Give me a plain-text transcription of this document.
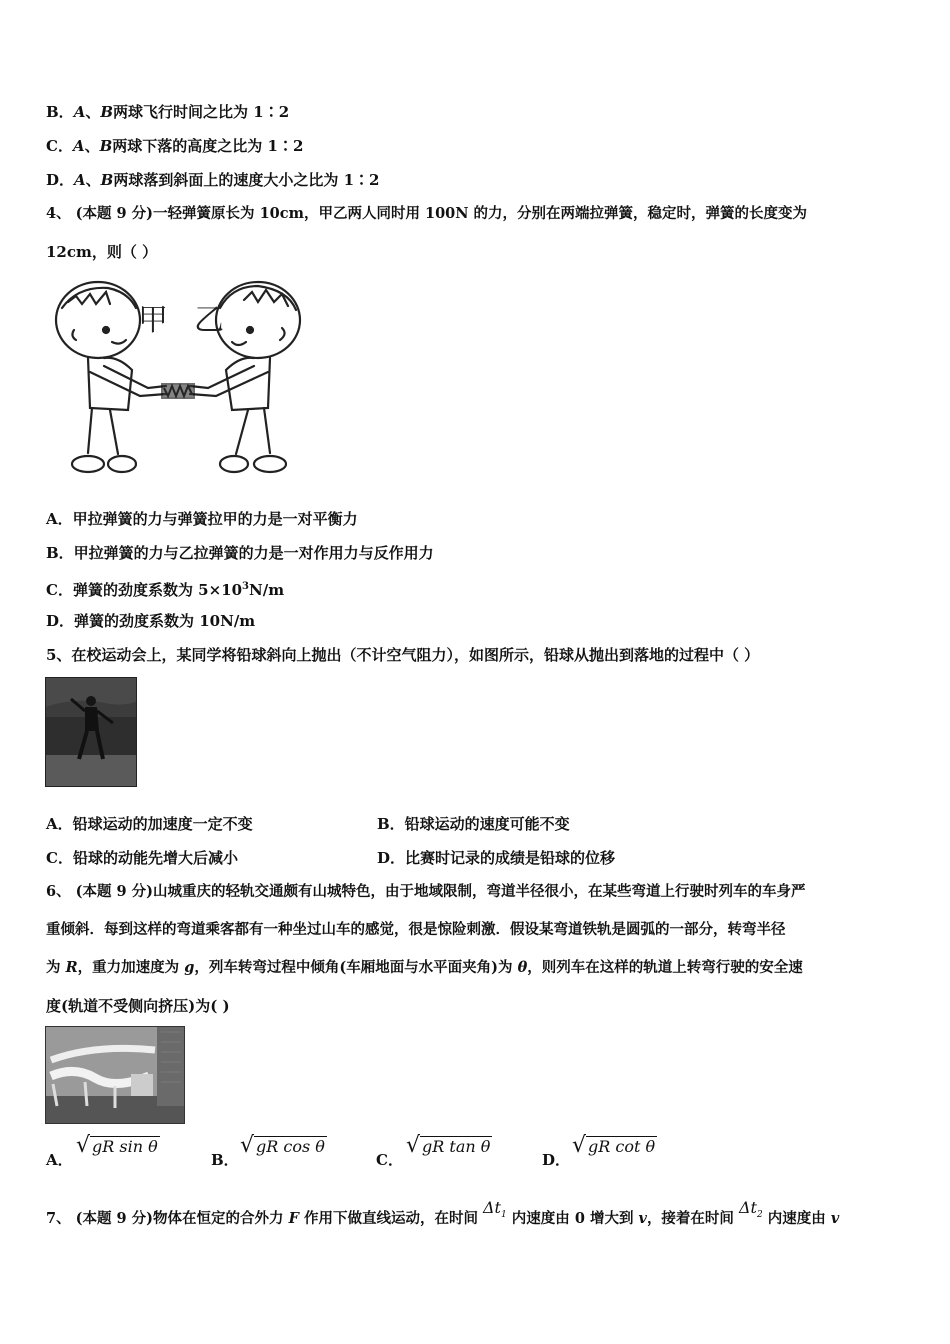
B．A、B两球飞行时间之比为 1∶2
C．A、B两球下落的高度之比为 1∶2
D．A、B两球落到斜面上的速度大小之比为 1∶2
4、 (本题 9 分)一轻弹簧原长为 10cm，甲乙两人同时用 100N 的力，分别在两端拉弹簧，稳定时，弹簧的长度变为
12cm，则（ ）
甲 乙
A．甲拉弹簧的力与弹簧拉甲的力是一对平衡力
B．甲拉弹簧的力与乙拉弹簧的力是一对作用力与反作用力
C．弹簧的劲度系数为 $5\times 10^3N/m$
D．弹簧的劲度系数为 10N/m
5、在校运动会上，某同学将铅球斜向上抛出（不计空气阻力），如图所示，铅球从抛出到落地的过程中（ ）
A．铅球运动的加速度一定不变	B．铅球运动的速度可能不变
C．铅球的动能先增大后减小	D．比赛时记录的成绩是铅球的位移
6、 (本题 9 分)山城重庆的轻轨交通颇有山城特色，由于地域限制，弯道半径很小，在某些弯道上行驶时列车的车身严
重倾斜．每到这样的弯道乘客都有一种坐过山车的感觉，很是惊险刺激．假设某弯道铁轨是圆弧的一部分，转弯半径
为 R，重力加速度为 g，列车转弯过程中倾角(车厢地面与水平面夹角)为 θ，则列车在这样的轨道上转弯行驶的安全速
度(轨道不受侧向挤压)为( )
A．
√ gR sin θ
B．
√ gR cos θ
C．
√ gR tan θ
D．
√ gR cot θ
7、 (本题 9 分)物体在恒定的合外力 F 作用下做直线运动，在时间 $\Delta t_1$ 内速度由 0 增大到 v，接着在时间 $\Delta t_2$ 内速度由 v
